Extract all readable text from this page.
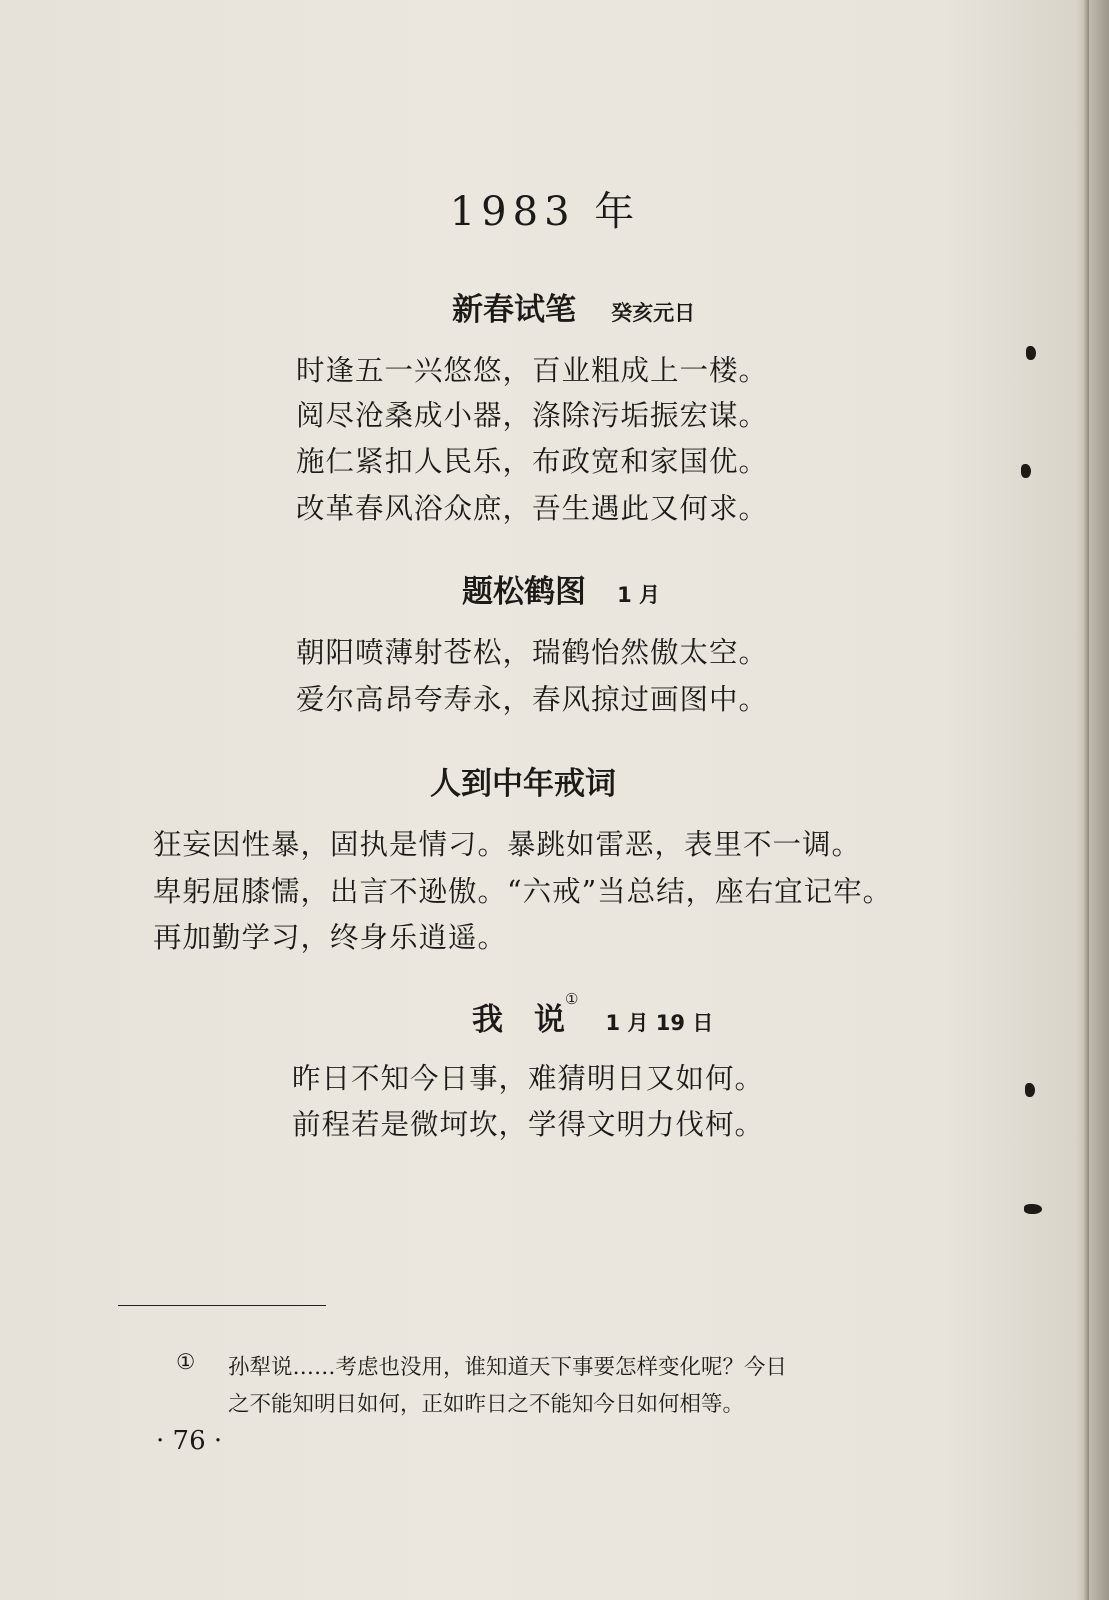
1983 年
新春试笔 癸亥元日
时逢五一兴悠悠，百业粗成上一楼。
阅尽沧桑成小器，涤除污垢振宏谋。
施仁紧扣人民乐，布政宽和家国优。
改革春风浴众庶，吾生遇此又何求。
题松鹤图 1 月
朝阳喷薄射苍松，瑞鹤怡然傲太空。
爱尔高昂夸寿永，春风掠过画图中。
人到中年戒词
狂妄因性暴，固执是情刁。暴跳如雷恶，表里不一调。
卑躬屈膝懦，出言不逊傲。“六戒”当总结，座右宜记牢。
再加勤学习，终身乐逍遥。
我　说① 1 月 19 日
昨日不知今日事，难猜明日又如何。
前程若是微坷坎，学得文明力伐柯。
① 孙犁说……考虑也没用，谁知道天下事要怎样变化呢？今日
之不能知明日如何，正如昨日之不能知今日如何相等。
· 76 ·
